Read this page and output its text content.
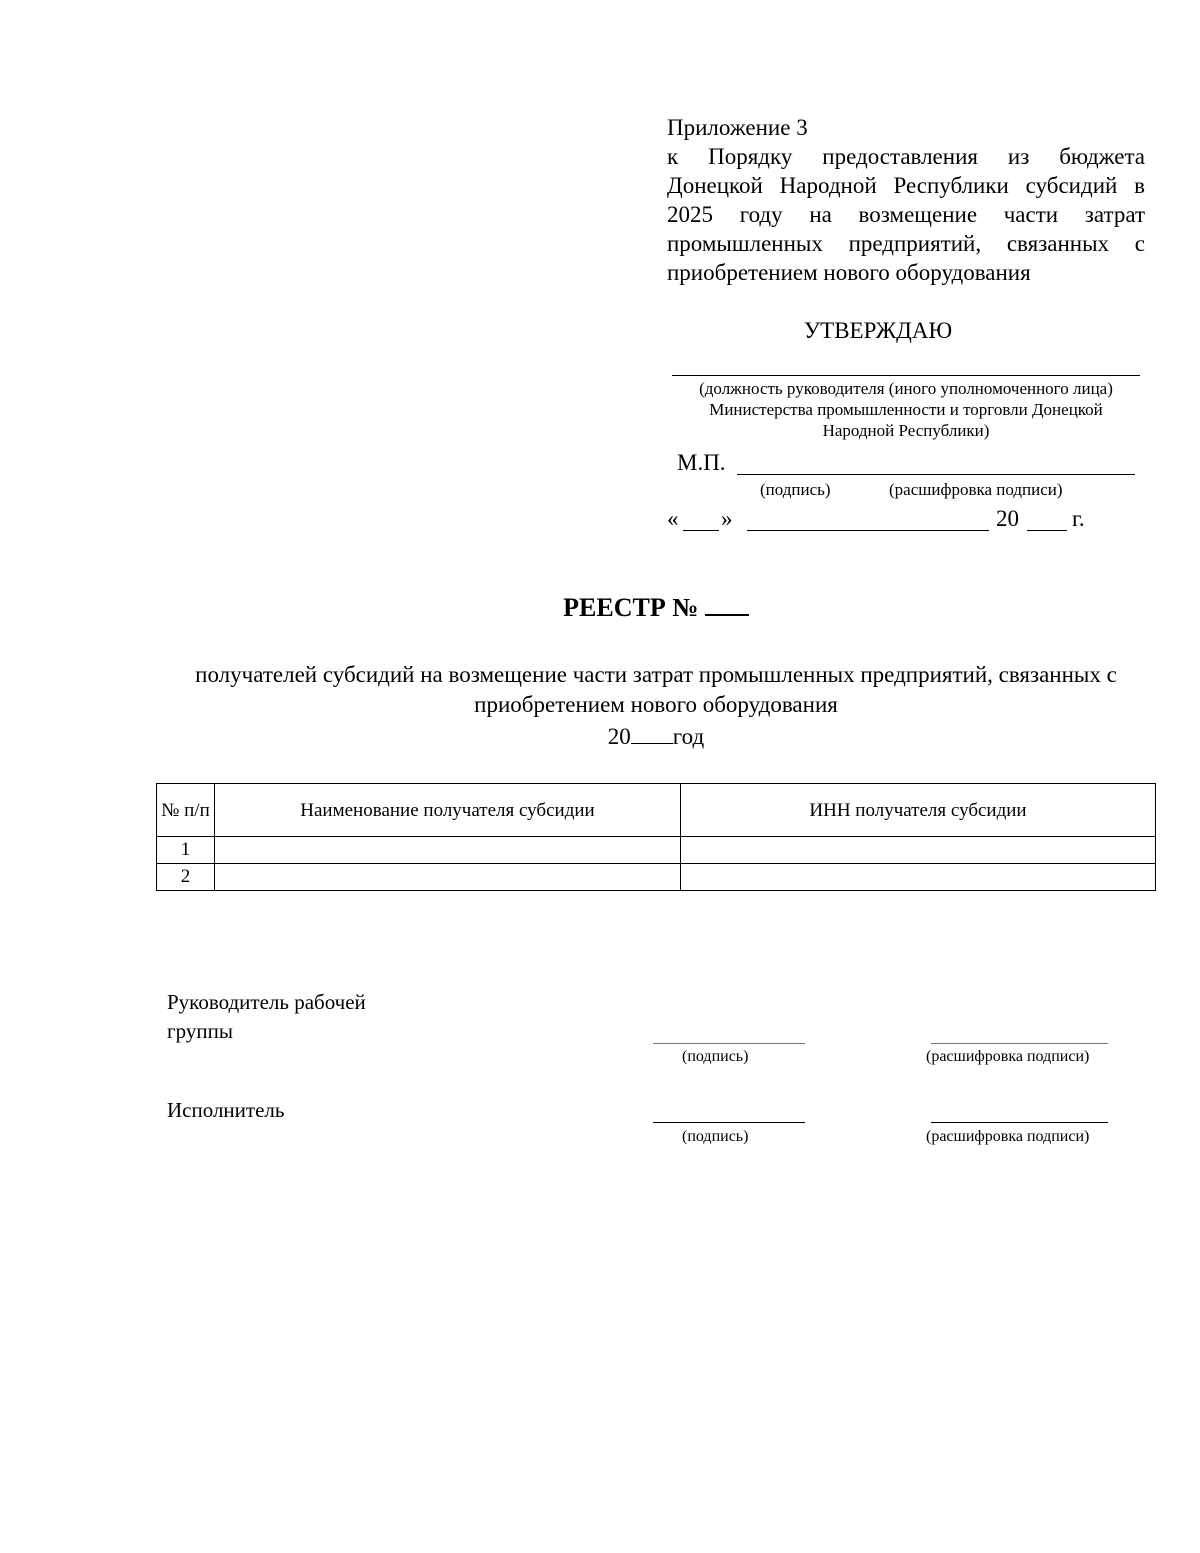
Приложение 3
к Порядку предоставления из бюджета Донецкой Народной Республики субсидий в 2025 году на возмещение части затрат промышленных предприятий, связанных с приобретением нового оборудования
УТВЕРЖДАЮ
(должность руководителя (иного уполномоченного лица) Министерства промышленности и торговли Донецкой Народной Республики)
М.П.
(подпись)	(расшифровка подписи)
« »	20 г.
РЕЕСТР №
получателей субсидий на возмещение части затрат промышленных предприятий, связанных с приобретением нового оборудования
20 год
№ п/п	Наименование получателя субсидии	ИНН получателя субсидии
1		
2		
Руководитель рабочей группы
(подпись)	(расшифровка подписи)
Исполнитель
(подпись)	(расшифровка подписи)
